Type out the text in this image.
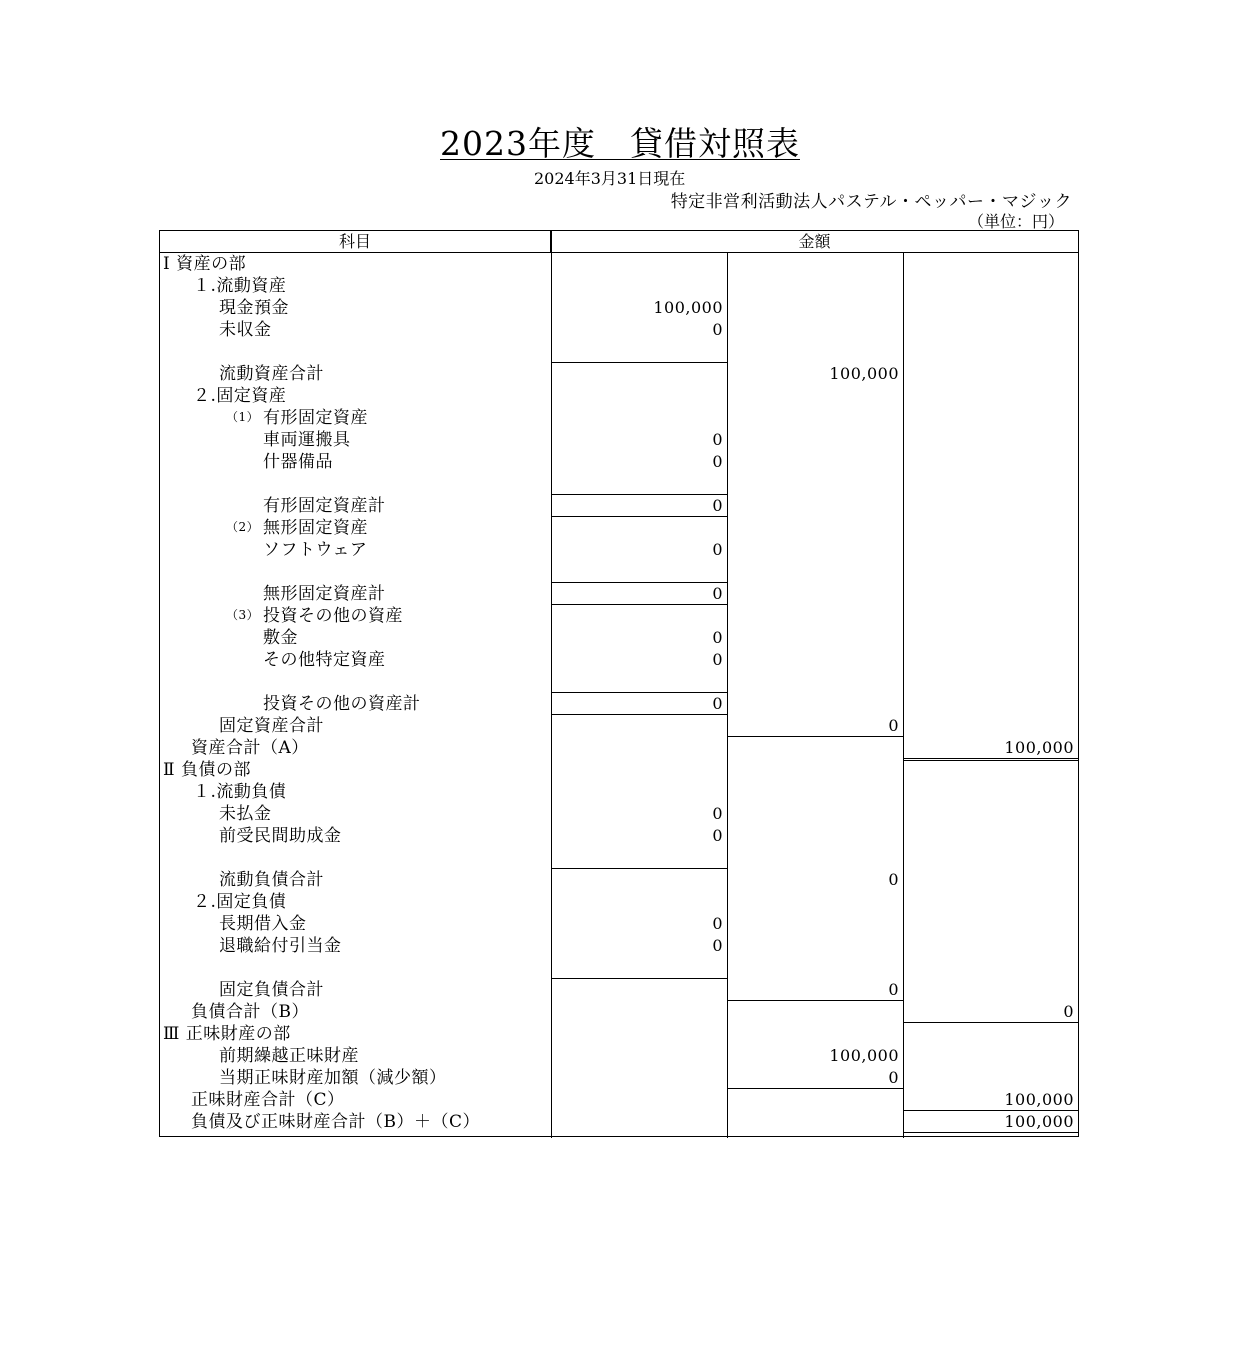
2023年度　貸借対照表
2024年3月31日現在
特定非営利活動法人パステル・ペッパー・マジック
（単位：円）
科目	金額
Ⅰ 資産の部
１.流動資産
現金預金	100,000
未収金	0
流動資産合計	100,000
２.固定資産
（1） 有形固定資産
車両運搬具	0
什器備品	0
有形固定資産計	0
（2） 無形固定資産
ソフトウェア	0
無形固定資産計	0
（3） 投資その他の資産
敷金	0
その他特定資産	0
投資その他の資産計	0
固定資産合計	0
資産合計（A）	100,000
Ⅱ 負債の部
１.流動負債
未払金	0
前受民間助成金	0
流動負債合計	0
２.固定負債
長期借入金	0
退職給付引当金	0
固定負債合計	0
負債合計（B）	0
Ⅲ 正味財産の部
前期繰越正味財産	100,000
当期正味財産加額（減少額）	0
正味財産合計（C）	100,000
負債及び正味財産合計（B）＋（C）	100,000
